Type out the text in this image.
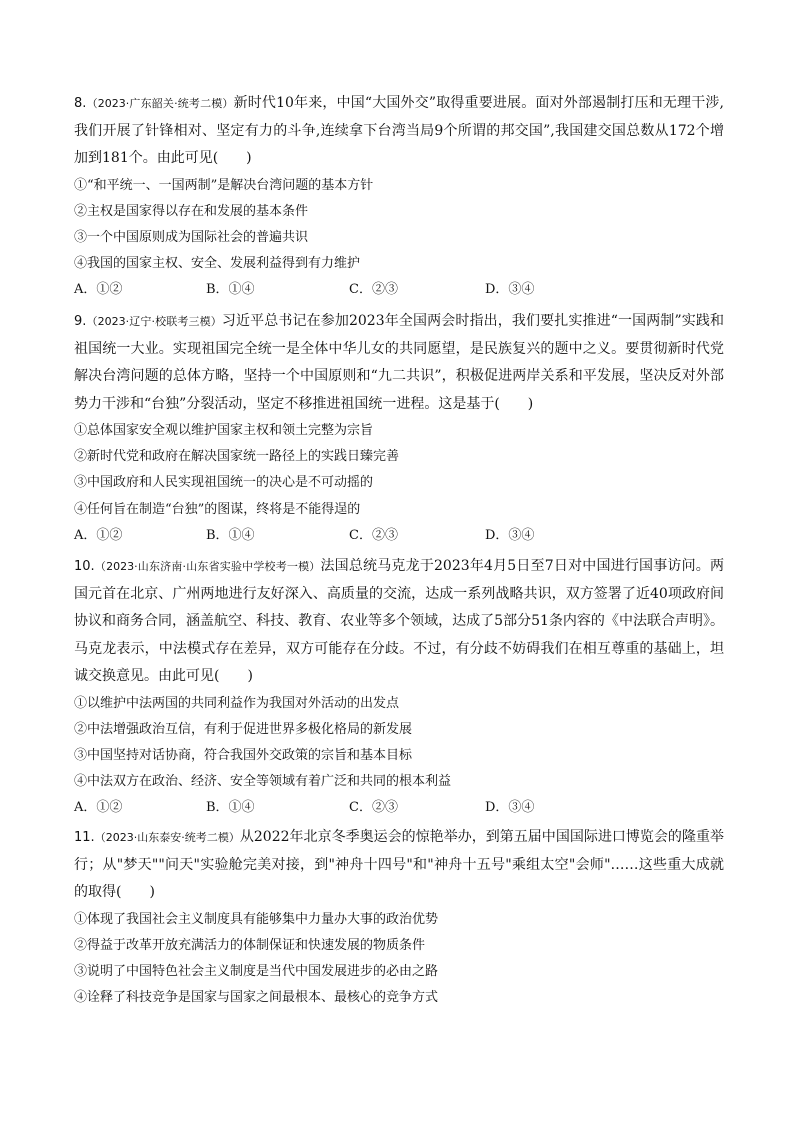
8.（2023·广东韶关·统考二模）新时代10年来，中国“大国外交”取得重要进展。面对外部遏制打压和无理干涉,我们开展了针锋相对、坚定有力的斗争,连续拿下台湾当局9个所谓的邦交国”,我国建交国总数从172个增加到181个。由此可见(　　)

①“和平统一、一国两制”是解决台湾问题的基本方针

②主权是国家得以存在和发展的基本条件

③一个中国原则成为国际社会的普遍共识

④我国的国家主权、安全、发展利益得到有力维护

A．①②	B．①④	C．②③	D．③④

9.（2023·辽宁·校联考三模）习近平总书记在参加2023年全国两会时指出，我们要扎实推进“一国两制”实践和祖国统一大业。实现祖国完全统一是全体中华儿女的共同愿望，是民族复兴的题中之义。要贯彻新时代党解决台湾问题的总体方略，坚持一个中国原则和“九二共识”，积极促进两岸关系和平发展，坚决反对外部势力干涉和“台独”分裂活动，坚定不移推进祖国统一进程。这是基于(　　)

①总体国家安全观以维护国家主权和领土完整为宗旨

②新时代党和政府在解决国家统一路径上的实践日臻完善

③中国政府和人民实现祖国统一的决心是不可动摇的

④任何旨在制造“台独”的图谋，终将是不能得逞的

A．①②	B．①④	C．②③	D．③④

10.（2023·山东济南·山东省实验中学校考一模）法国总统马克龙于2023年4月5日至7日对中国进行国事访问。两国元首在北京、广州两地进行友好深入、高质量的交流，达成一系列战略共识，双方签署了近40项政府间协议和商务合同，涵盖航空、科技、教育、农业等多个领域，达成了5部分51条内容的《中法联合声明》。马克龙表示，中法模式存在差异，双方可能存在分歧。不过，有分歧不妨碍我们在相互尊重的基础上，坦诚交换意见。由此可见(　　)

①以维护中法两国的共同利益作为我国对外活动的出发点

②中法增强政治互信，有利于促进世界多极化格局的新发展

③中国坚持对话协商，符合我国外交政策的宗旨和基本目标

④中法双方在政治、经济、安全等领域有着广泛和共同的根本利益

A．①②	B．①④	C．②③	D．③④

11.（2023·山东泰安·统考二模）从2022年北京冬季奥运会的惊艳举办，到第五届中国国际进口博览会的隆重举行；从"梦天""问天"实验舱完美对接，到"神舟十四号"和"神舟十五号"乘组太空"会师"……这些重大成就的取得(　　)

①体现了我国社会主义制度具有能够集中力量办大事的政治优势

②得益于改革开放充满活力的体制保证和快速发展的物质条件

③说明了中国特色社会主义制度是当代中国发展进步的必由之路

④诠释了科技竞争是国家与国家之间最根本、最核心的竞争方式
